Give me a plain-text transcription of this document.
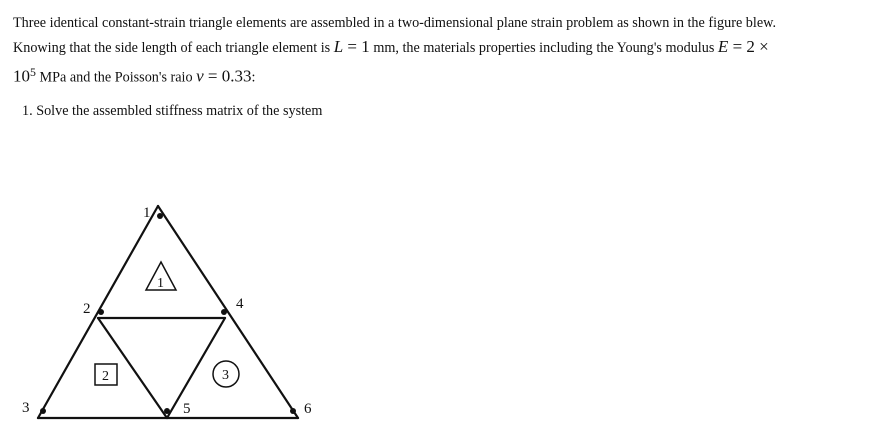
Three identical constant-strain triangle elements are assembled in a two-dimensional plane strain problem as shown in the figure blew.
Knowing that the side length of each triangle element is L = 1 mm, the materials properties including the Young's modulus E = 2 ×
$10^5$ MPa and the Poisson's raio ν = 0.33:
1. Solve the assembled stiffness matrix of the system
1
2
3
4
5	6
1
2	3
